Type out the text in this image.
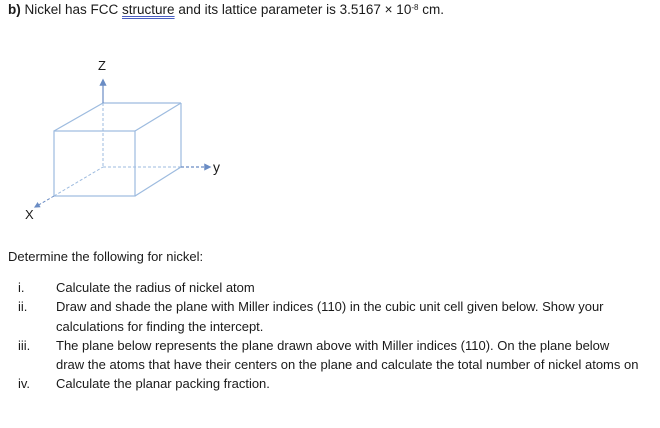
b) Nickel has FCC structure and its lattice parameter is $3.5167 \times 10^{-8}$ cm.
Z
y
X
Determine the following for nickel:
i.	Calculate the radius of nickel atom
ii.	Draw and shade the plane with Miller indices (110) in the cubic unit cell given below. Show your calculations for finding the intercept.
iii.	The plane below represents the plane drawn above with Miller indices (110). On the plane below draw the atoms that have their centers on the plane and calculate the total number of nickel atoms on
iv.	Calculate the planar packing fraction.
